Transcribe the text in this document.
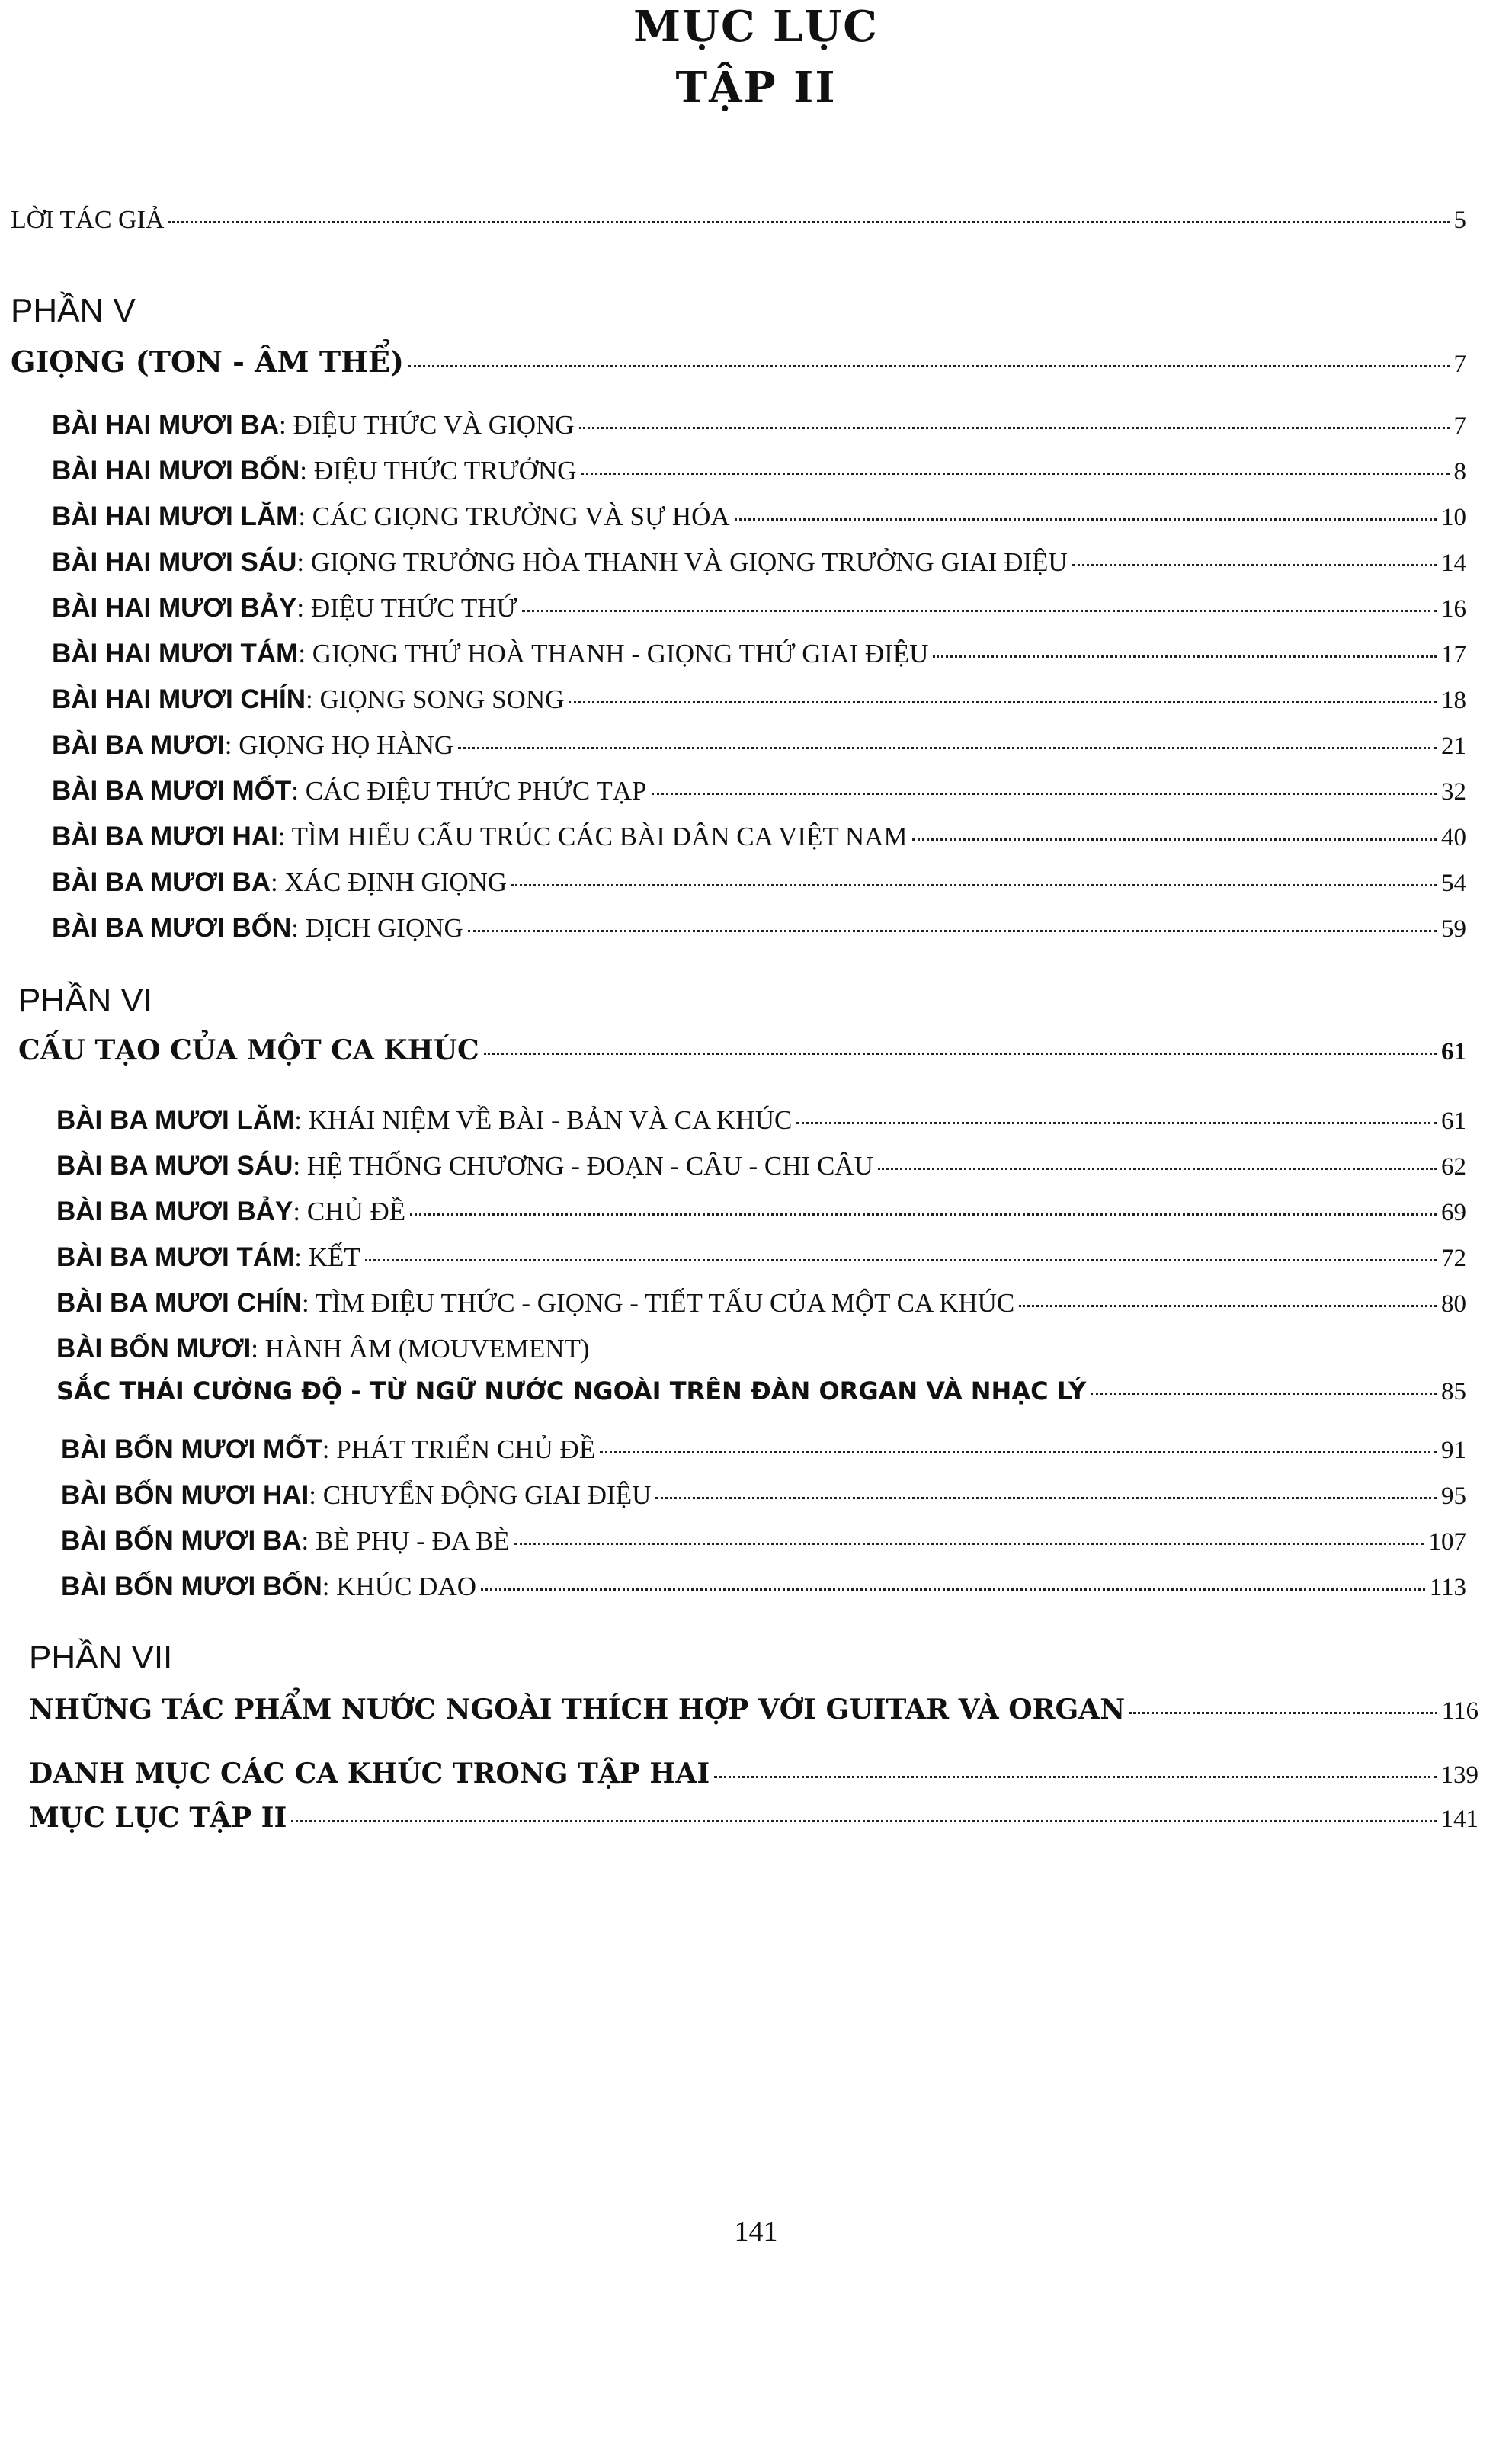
MỤC LỤC
TẬP II
LỜI TÁC GIẢ	5
PHẦN V
GIỌNG (TON - ÂM THỂ)	7
BÀI HAI MƯƠI BA : ĐIỆU THỨC VÀ GIỌNG	7
BÀI HAI MƯƠI BỐN : ĐIỆU THỨC TRƯỞNG	8
BÀI HAI MƯƠI LĂM : CÁC GIỌNG TRƯỞNG VÀ SỰ HÓA	10
BÀI HAI MƯƠI SÁU : GIỌNG TRƯỞNG HÒA THANH VÀ GIỌNG TRƯỞNG GIAI ĐIỆU	14
BÀI HAI MƯƠI BẢY : ĐIỆU THỨC THỨ	16
BÀI HAI MƯƠI TÁM : GIỌNG THỨ HOÀ THANH - GIỌNG THỨ GIAI ĐIỆU	17
BÀI HAI MƯƠI CHÍN : GIỌNG SONG SONG	18
BÀI BA MƯƠI : GIỌNG HỌ HÀNG	21
BÀI BA MƯƠI MỐT : CÁC ĐIỆU THỨC PHỨC TẠP	32
BÀI BA MƯƠI HAI : TÌM HIỂU CẤU TRÚC CÁC BÀI DÂN CA VIỆT NAM	40
BÀI BA MƯƠI BA : XÁC ĐỊNH GIỌNG	54
BÀI BA MƯƠI BỐN : DỊCH GIỌNG	59
PHẦN VI
CẤU TẠO CỦA MỘT CA KHÚC	61
BÀI BA MƯƠI LĂM : KHÁI NIỆM VỀ BÀI - BẢN VÀ CA KHÚC	61
BÀI BA MƯƠI SÁU : HỆ THỐNG CHƯƠNG - ĐOẠN - CÂU - CHI CÂU	62
BÀI BA MƯƠI BẢY : CHỦ ĐỀ	69
BÀI BA MƯƠI TÁM : KẾT	72
BÀI BA MƯƠI CHÍN : TÌM ĐIỆU THỨC - GIỌNG - TIẾT TẤU CỦA MỘT CA KHÚC	80
BÀI BỐN MƯƠI: HÀNH ÂM (MOUVEMENT)
SẮC THÁI CƯỜNG ĐỘ - TỪ NGỮ NƯỚC NGOÀI TRÊN ĐÀN ORGAN VÀ NHẠC LÝ	85
BÀI BỐN MƯƠI MỐT : PHÁT TRIỂN CHỦ ĐỀ	91
BÀI BỐN MƯƠI HAI : CHUYỂN ĐỘNG GIAI ĐIỆU	95
BÀI BỐN MƯƠI BA : BÈ PHỤ - ĐA BÈ	107
BÀI BỐN MƯƠI BỐN : KHÚC DAO	113
PHẦN VII
NHỮNG TÁC PHẨM NƯỚC NGOÀI THÍCH HỢP VỚI GUITAR VÀ ORGAN	116
DANH MỤC CÁC CA KHÚC TRONG TẬP HAI	139
MỤC LỤC TẬP II	141
141
